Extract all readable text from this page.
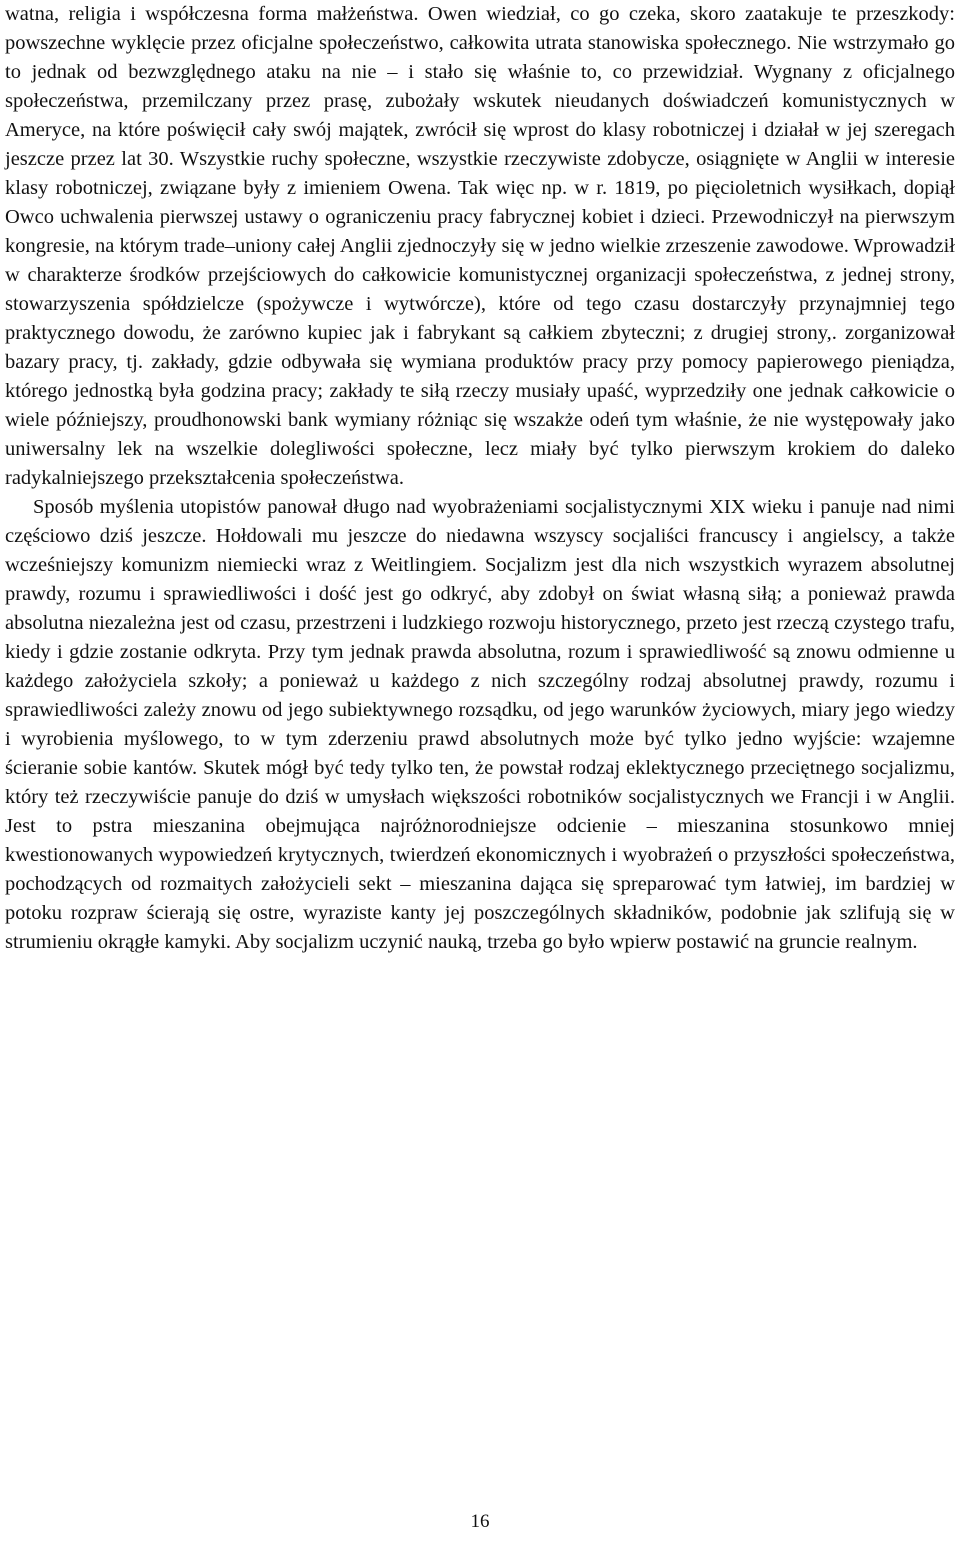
watna, religia i współczesna forma małżeństwa. Owen wiedział, co go czeka, skoro zaatakuje te przeszkody: powszechne wyklęcie przez oficjalne społeczeństwo, całkowita utrata stanowiska społecznego. Nie wstrzymało go to jednak od bezwzględnego ataku na nie – i stało się właśnie to, co przewidział. Wygnany z oficjalnego społeczeństwa, przemilczany przez prasę, zubożały wskutek nieudanych doświadczeń komunistycznych w Ameryce, na które poświęcił cały swój majątek, zwrócił się wprost do klasy robotniczej i działał w jej szeregach jeszcze przez lat 30. Wszystkie ruchy społeczne, wszystkie rzeczywiste zdobycze, osiągnięte w Anglii w interesie klasy robotniczej, związane były z imieniem Owena. Tak więc np. w r. 1819, po pięcioletnich wysiłkach, dopiął Owco uchwalenia pierwszej ustawy o ograniczeniu pracy fabrycznej kobiet i dzieci. Przewodniczył na pierwszym kongresie, na którym trade–uniony całej Anglii zjednoczyły się w jedno wielkie zrzeszenie zawodowe. Wprowadził w charakterze środków przejściowych do całkowicie komunistycznej organizacji społeczeństwa, z jednej strony, stowarzyszenia spółdzielcze (spożywcze i wytwórcze), które od tego czasu dostarczyły przynajmniej tego praktycznego dowodu, że zarówno kupiec jak i fabrykant są całkiem zbyteczni; z drugiej strony,. zorganizował bazary pracy, tj. zakłady, gdzie odbywała się wymiana produktów pracy przy pomocy papierowego pieniądza, którego jednostką była godzina pracy; zakłady te siłą rzeczy musiały upaść, wyprzedziły one jednak całkowicie o wiele późniejszy, proudhonowski bank wymiany różniąc się wszakże odeń tym właśnie, że nie występowały jako uniwersalny lek na wszelkie dolegliwości społeczne, lecz miały być tylko pierwszym krokiem do daleko radykalniejszego przekształcenia społeczeństwa.

Sposób myślenia utopistów panował długo nad wyobrażeniami socjalistycznymi XIX wieku i panuje nad nimi częściowo dziś jeszcze. Hołdowali mu jeszcze do niedawna wszyscy socjaliści francuscy i angielscy, a także wcześniejszy komunizm niemiecki wraz z Weitlingiem. Socjalizm jest dla nich wszystkich wyrazem absolutnej prawdy, rozumu i sprawiedliwości i dość jest go odkryć, aby zdobył on świat własną siłą; a ponieważ prawda absolutna niezależna jest od czasu, przestrzeni i ludzkiego rozwoju historycznego, przeto jest rzeczą czystego trafu, kiedy i gdzie zostanie odkryta. Przy tym jednak prawda absolutna, rozum i sprawiedliwość są znowu odmienne u każdego założyciela szkoły; a ponieważ u każdego z nich szczególny rodzaj absolutnej prawdy, rozumu i sprawiedliwości zależy znowu od jego subiektywnego rozsądku, od jego warunków życiowych, miary jego wiedzy i wyrobienia myślowego, to w tym zderzeniu prawd absolutnych może być tylko jedno wyjście: wzajemne ścieranie sobie kantów. Skutek mógł być tedy tylko ten, że powstał rodzaj eklektycznego przeciętnego socjalizmu, który też rzeczywiście panuje do dziś w umysłach większości robotników socjalistycznych we Francji i w Anglii. Jest to pstra mieszanina obejmująca najróżnorodniejsze odcienie – mieszanina stosunkowo mniej kwestionowanych wypowiedzeń krytycznych, twierdzeń ekonomicznych i wyobrażeń o przyszłości społeczeństwa, pochodzących od rozmaitych założycieli sekt – mieszanina dająca się spreparować tym łatwiej, im bardziej w potoku rozpraw ścierają się ostre, wyraziste kanty jej poszczególnych składników, podobnie jak szlifują się w strumieniu okrągłe kamyki. Aby socjalizm uczynić nauką, trzeba go było wpierw postawić na gruncie realnym.

16
